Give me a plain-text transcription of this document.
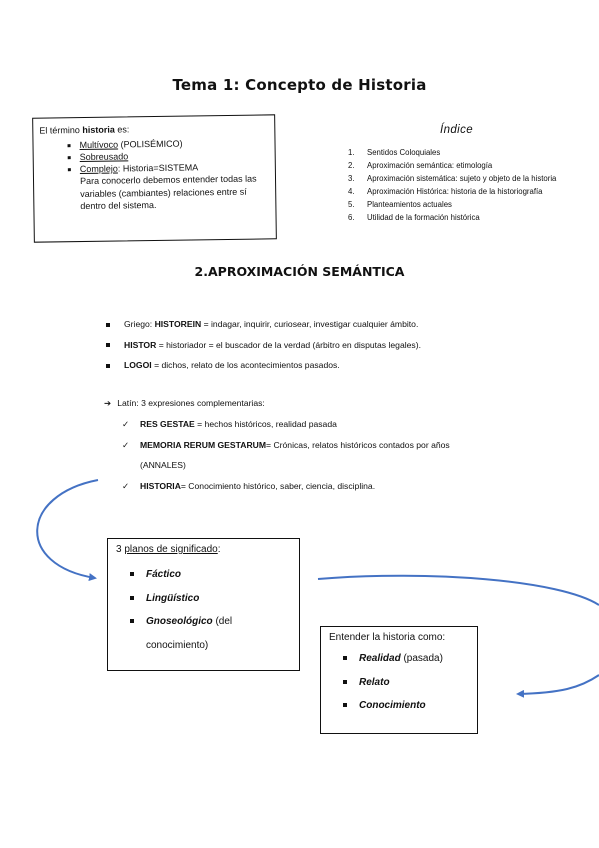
Tema 1: Concepto de Historia
El término historia es:
▪ Multívoco (POLISÉMICO)
▪ Sobreusado
▪ Complejo: Historia=SISTEMA
Para conocerlo debemos entender todas las variables (cambiantes) relaciones entre sí dentro del sistema.
Índice
1. Sentidos Coloquiales
2. Aproximación semántica: etimología
3. Aproximación sistemática: sujeto y objeto de la historia
4. Aproximación Histórica: historia de la historiografía
5. Planteamientos actuales
6. Utilidad de la formación histórica
2.APROXIMACIÓN SEMÁNTICA
Griego: HISTOREIN = indagar, inquirir, curiosear, investigar cualquier ámbito.
HISTOR = historiador = el buscador de la verdad (árbitro en disputas legales).
LOGOI = dichos, relato de los acontecimientos pasados.
➔ Latín: 3 expresiones complementarias:
✓ RES GESTAE = hechos históricos, realidad pasada
✓ MEMORIA RERUM GESTARUM= Crónicas, relatos históricos contados por años
(ANNALES)
✓ HISTORIA= Conocimiento histórico, saber, ciencia, disciplina.
3 planos de significado:
Fáctico
Lingüístico
Gnoseológico (del
conocimiento)
Entender la historia como:
Realidad (pasada)
Relato
Conocimiento
